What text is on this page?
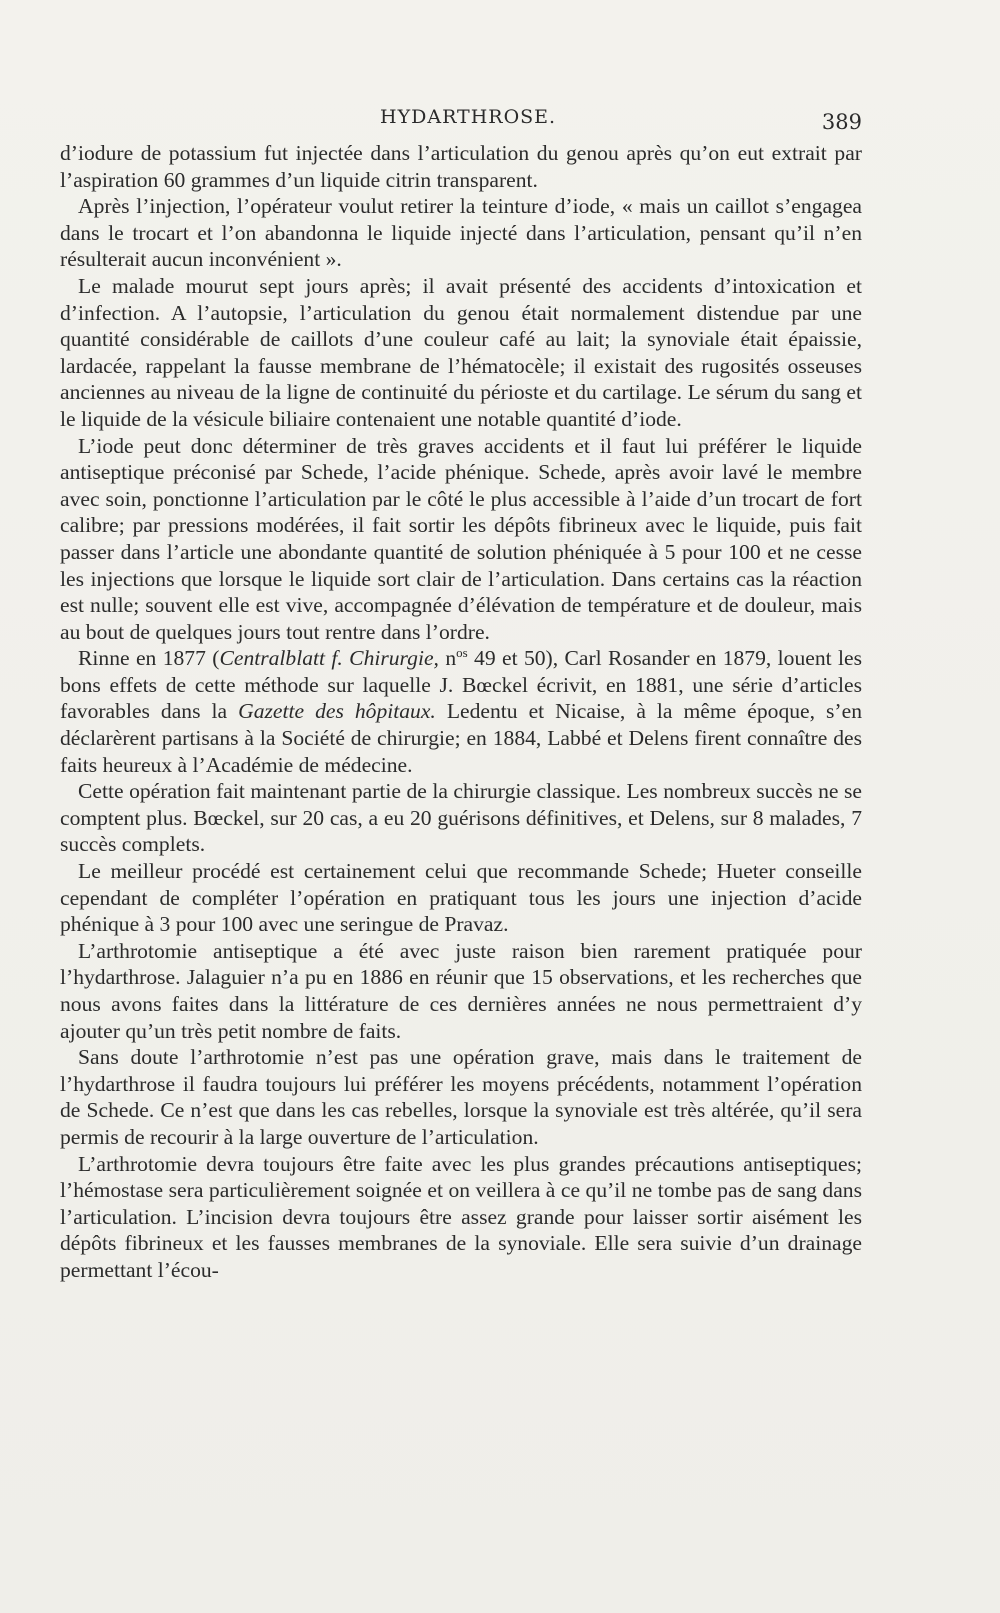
HYDARTHROSE.	389

d’iodure de potassium fut injectée dans l’articulation du genou après qu’on eut extrait par l’aspiration 60 grammes d’un liquide citrin transparent.

Après l’injection, l’opérateur voulut retirer la teinture d’iode, « mais un caillot s’engagea dans le trocart et l’on abandonna le liquide injecté dans l’articulation, pensant qu’il n’en résulterait aucun inconvénient ».

Le malade mourut sept jours après; il avait présenté des accidents d’intoxication et d’infection. A l’autopsie, l’articulation du genou était normalement distendue par une quantité considérable de caillots d’une couleur café au lait; la synoviale était épaissie, lardacée, rappelant la fausse membrane de l’hématocèle; il existait des rugosités osseuses anciennes au niveau de la ligne de continuité du périoste et du cartilage. Le sérum du sang et le liquide de la vésicule biliaire contenaient une notable quantité d’iode.

L’iode peut donc déterminer de très graves accidents et il faut lui préférer le liquide antiseptique préconisé par Schede, l’acide phénique. Schede, après avoir lavé le membre avec soin, ponctionne l’articulation par le côté le plus accessible à l’aide d’un trocart de fort calibre; par pressions modérées, il fait sortir les dépôts fibrineux avec le liquide, puis fait passer dans l’article une abondante quantité de solution phéniquée à 5 pour 100 et ne cesse les injections que lorsque le liquide sort clair de l’articulation. Dans certains cas la réaction est nulle; souvent elle est vive, accompagnée d’élévation de température et de douleur, mais au bout de quelques jours tout rentre dans l’ordre.

Rinne en 1877 (Centralblatt f. Chirurgie, $n^{os}$ 49 et 50), Carl Rosander en 1879, louent les bons effets de cette méthode sur laquelle J. Bœckel écrivit, en 1881, une série d’articles favorables dans la Gazette des hôpitaux. Ledentu et Nicaise, à la même époque, s’en déclarèrent partisans à la Société de chirurgie; en 1884, Labbé et Delens firent connaître des faits heureux à l’Académie de médecine.

Cette opération fait maintenant partie de la chirurgie classique. Les nombreux succès ne se comptent plus. Bœckel, sur 20 cas, a eu 20 guérisons définitives, et Delens, sur 8 malades, 7 succès complets.

Le meilleur procédé est certainement celui que recommande Schede; Hueter conseille cependant de compléter l’opération en pratiquant tous les jours une injection d’acide phénique à 3 pour 100 avec une seringue de Pravaz.

L’arthrotomie antiseptique a été avec juste raison bien rarement pratiquée pour l’hydarthrose. Jalaguier n’a pu en 1886 en réunir que 15 observations, et les recherches que nous avons faites dans la littérature de ces dernières années ne nous permettraient d’y ajouter qu’un très petit nombre de faits.

Sans doute l’arthrotomie n’est pas une opération grave, mais dans le traitement de l’hydarthrose il faudra toujours lui préférer les moyens précédents, notamment l’opération de Schede. Ce n’est que dans les cas rebelles, lorsque la synoviale est très altérée, qu’il sera permis de recourir à la large ouverture de l’articulation.

L’arthrotomie devra toujours être faite avec les plus grandes précautions antiseptiques; l’hémostase sera particulièrement soignée et on veillera à ce qu’il ne tombe pas de sang dans l’articulation. L’incision devra toujours être assez grande pour laisser sortir aisément les dépôts fibrineux et les fausses membranes de la synoviale. Elle sera suivie d’un drainage permettant l’écou-
